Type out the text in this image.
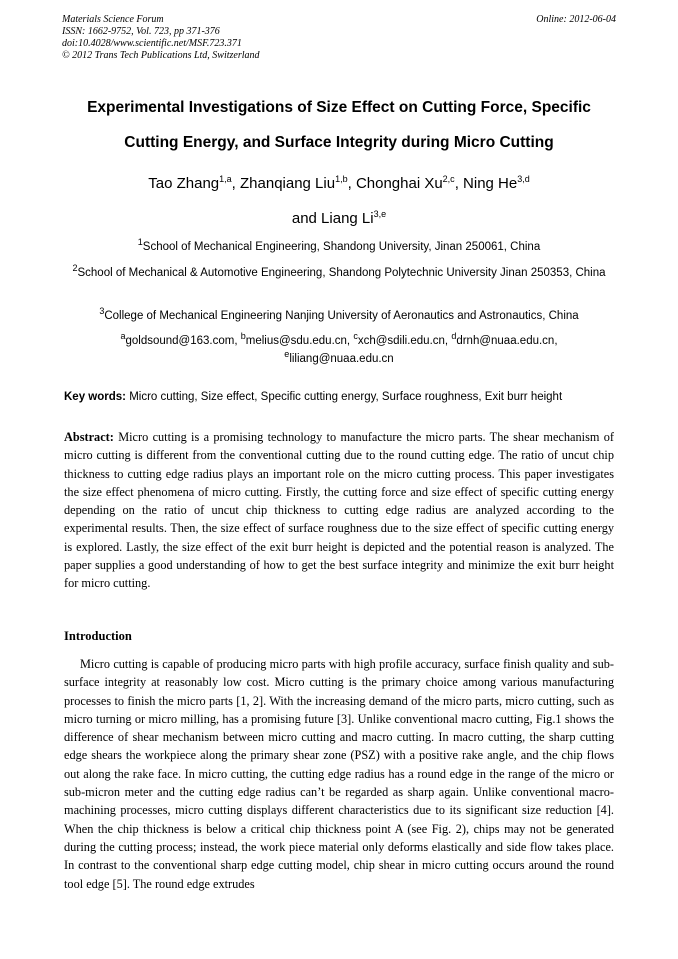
Materials Science Forum
ISSN: 1662-9752, Vol. 723, pp 371-376
doi:10.4028/www.scientific.net/MSF.723.371
© 2012 Trans Tech Publications Ltd, Switzerland
Online: 2012-06-04
Experimental Investigations of Size Effect on Cutting Force, Specific
Cutting Energy, and Surface Integrity during Micro Cutting
Tao Zhang$^{1,a}$, Zhanqiang Liu$^{1,b}$, Chonghai Xu$^{2,c}$, Ning He$^{3,d}$
and Liang Li$^{3,e}$
$^1$School of Mechanical Engineering, Shandong University, Jinan 250061, China
$^2$School of Mechanical & Automotive Engineering, Shandong Polytechnic University Jinan 250353, China
$^3$College of Mechanical Engineering Nanjing University of Aeronautics and Astronautics, China
$^a$goldsound@163.com, $^b$melius@sdu.edu.cn, $^c$xch@sdili.edu.cn, $^d$drnh@nuaa.edu.cn, $^e$liliang@nuaa.edu.cn
Key words: Micro cutting, Size effect, Specific cutting energy, Surface roughness, Exit burr height
Abstract: Micro cutting is a promising technology to manufacture the micro parts. The shear mechanism of micro cutting is different from the conventional cutting due to the round cutting edge. The ratio of uncut chip thickness to cutting edge radius plays an important role on the micro cutting process. This paper investigates the size effect phenomena of micro cutting. Firstly, the cutting force and size effect of specific cutting energy depending on the ratio of uncut chip thickness to cutting edge radius are analyzed according to the experimental results. Then, the size effect of surface roughness due to the size effect of specific cutting energy is explored. Lastly, the size effect of the exit burr height is depicted and the potential reason is analyzed. The paper supplies a good understanding of how to get the best surface integrity and minimize the exit burr height for micro cutting.
Introduction
Micro cutting is capable of producing micro parts with high profile accuracy, surface finish quality and sub-surface integrity at reasonably low cost. Micro cutting is the primary choice among various manufacturing processes to finish the micro parts [1, 2]. With the increasing demand of the micro parts, micro cutting, such as micro turning or micro milling, has a promising future [3]. Unlike conventional macro cutting, Fig.1 shows the difference of shear mechanism between micro cutting and macro cutting. In macro cutting, the sharp cutting edge shears the workpiece along the primary shear zone (PSZ) with a positive rake angle, and the chip flows out along the rake face. In micro cutting, the cutting edge radius has a round edge in the range of the micro or sub-micron meter and the cutting edge radius can’t be regarded as sharp again. Unlike conventional macro-machining processes, micro cutting displays different characteristics due to its significant size reduction [4]. When the chip thickness is below a critical chip thickness point A (see Fig. 2), chips may not be generated during the cutting process; instead, the work piece material only deforms elastically and side flow takes place. In contrast to the conventional sharp edge cutting model, chip shear in micro cutting occurs around the round tool edge [5]. The round edge extrudes
